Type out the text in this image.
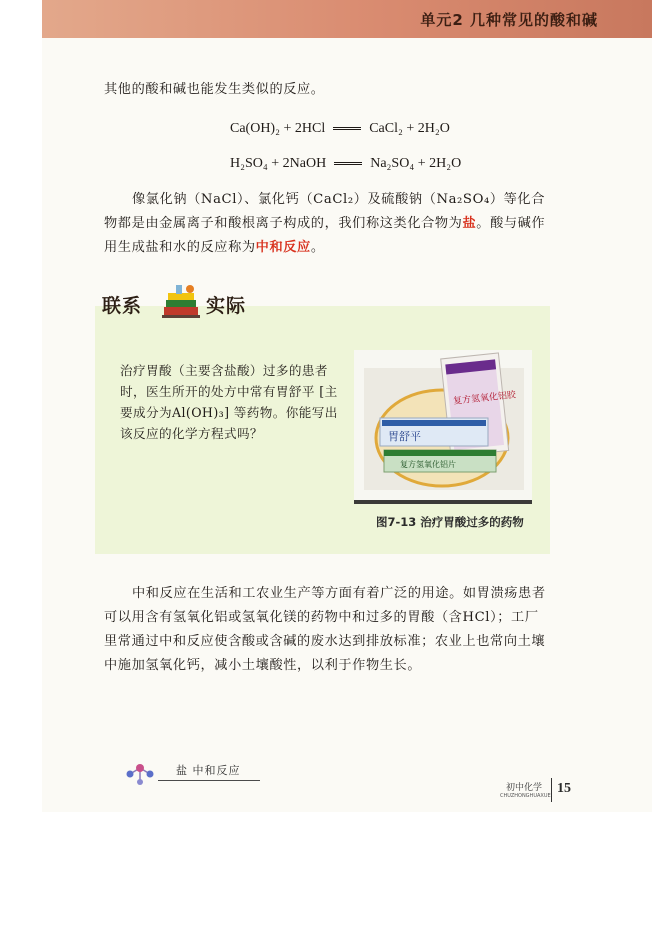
单元2 几种常见的酸和碱
其他的酸和碱也能发生类似的反应。
Ca(OH)₂ + 2HCl	CaCl₂ + 2H₂O
H₂SO₄ + 2NaOH	Na₂SO₄ + 2H₂O
像氯化钠（NaCl）、氯化钙（CaCl₂）及硫酸钠（Na₂SO₄）等化合物都是由金属离子和酸根离子构成的，我们称这类化合物为盐。酸与碱作用生成盐和水的反应称为中和反应。
联系	实际
治疗胃酸（主要含盐酸）过多的患者时，医生所开的处方中常有胃舒平 [主要成分为Al(OH)₃] 等药物。你能写出该反应的化学方程式吗？
复方氢氧化铝胶
胃舒平
复方氢氧化铝片
图7-13 治疗胃酸过多的药物
中和反应在生活和工农业生产等方面有着广泛的用途。如胃溃疡患者可以用含有氢氧化铝或氢氧化镁的药物中和过多的胃酸（含HCl）；工厂里常通过中和反应使含酸或含碱的废水达到排放标准；农业上也常向土壤中施加氢氧化钙，减小土壤酸性，以利于作物生长。
盐 中和反应
初中化学
CHUZHONGHUAXUE 15
